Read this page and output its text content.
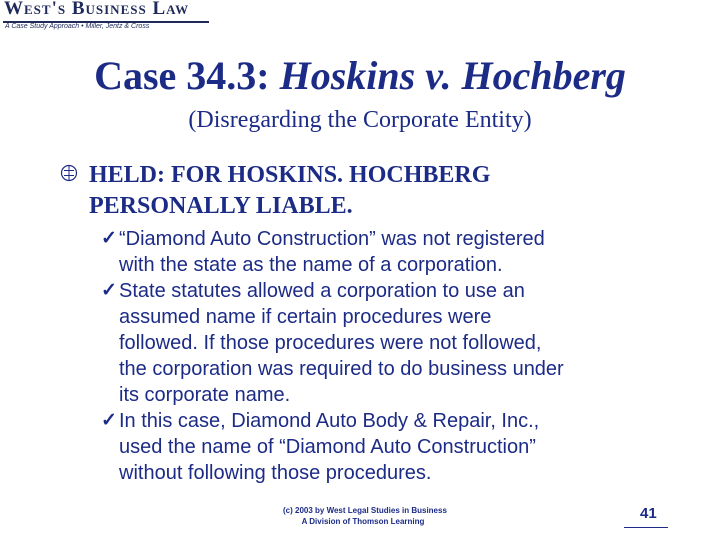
West's Business Law

A Case Study Approach • Miller, Jentz & Cross

Case 34.3: Hoskins v. Hochberg

(Disregarding the Corporate Entity)

HELD: FOR HOSKINS. HOCHBERG
PERSONALLY LIABLE.

✓ “Diamond Auto Construction” was not registered
with the state as the name of a corporation.
✓ State statutes allowed a corporation to use an
assumed name if certain procedures were
followed. If those procedures were not followed,
the corporation was required to do business under
its corporate name.
✓ In this case, Diamond Auto Body & Repair, Inc.,
used the name of “Diamond Auto Construction”
without following those procedures.

(c) 2003 by West Legal Studies in Business
A Division of Thomson Learning	41
